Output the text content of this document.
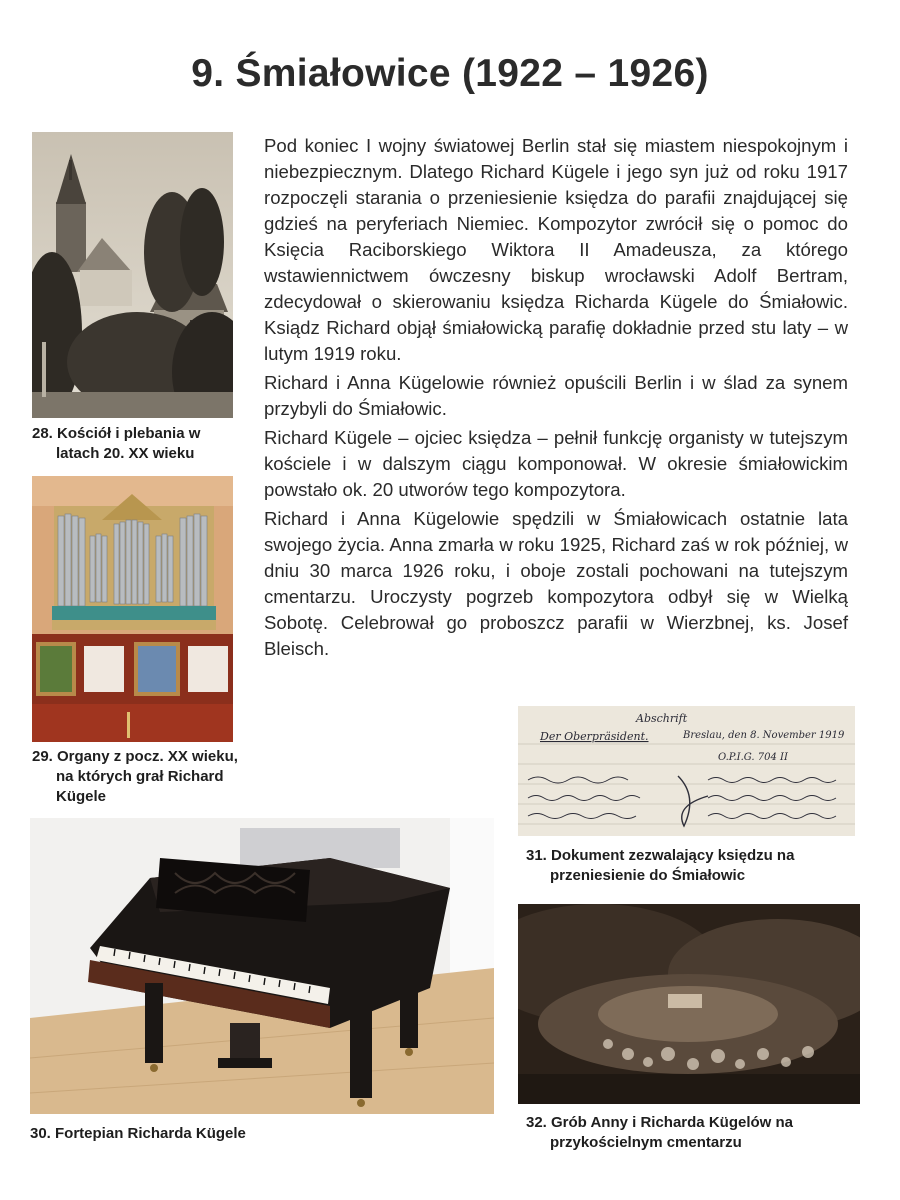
9. Śmiałowice (1922 – 1926)
28. Kościół i plebania w
latach 20. XX wieku
29. Organy z pocz. XX wieku,
na których grał Richard
Kügele

Pod koniec I wojny światowej Berlin stał się miastem niespokojnym i niebezpiecznym. Dlatego Richard Kügele i jego syn już od roku 1917 rozpoczęli starania o przeniesienie księdza do parafii znajdującej się gdzieś na peryferiach Niemiec. Kompozytor zwrócił się o pomoc do Księcia Raciborskiego Wiktora II Amadeusza, za którego wstawiennictwem ówczesny biskup wrocławski Adolf Bertram, zdecydował o skierowaniu księdza Richarda Kügele do Śmiałowic. Ksiądz Richard objął śmiałowicką parafię dokładnie przed stu laty – w lutym 1919 roku.

Richard i Anna Kügelowie również opuścili Berlin i w ślad za synem przybyli do Śmiałowic.

Richard Kügele – ojciec księdza – pełnił funkcję organisty w tutejszym kościele i w dalszym ciągu komponował. W okresie śmiałowickim powstało ok. 20 utworów tego kompozytora.

Richard i Anna Kügelowie spędzili w Śmiałowicach ostatnie lata swojego życia. Anna zmarła w roku 1925, Richard zaś w rok później, w dniu 30 marca 1926 roku, i oboje zostali pochowani na tutejszym cmentarzu. Uroczysty pogrzeb kompozytora odbył się w Wielką Sobotę. Celebrował go proboszcz parafii w Wierzbnej, ks. Josef Bleisch.

Abschrift
Der Oberpräsident.	Breslau, den 8. November 1919
O.P.I.G. 704 II
31. Dokument zezwalający księdzu na
przeniesienie do Śmiałowic
30. Fortepian Richarda Kügele
32. Grób Anny i Richarda Kügelów na
przykościelnym cmentarzu
